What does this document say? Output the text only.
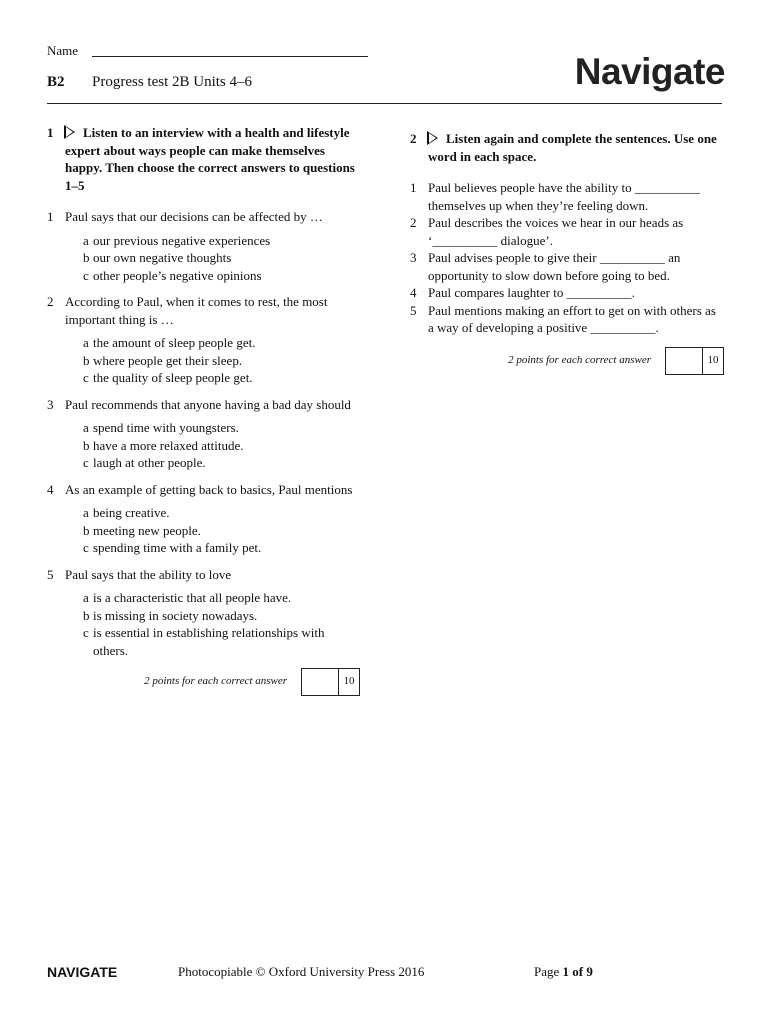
Name
B2 Progress test 2B Units 4–6	Navigate
1	Listen to an interview with a health and lifestyle expert about ways people can make themselves happy. Then choose the correct answers to questions 1–5
1 Paul says that our decisions can be affected by …
a our previous negative experiences
b our own negative thoughts
c other people’s negative opinions
2 According to Paul, when it comes to rest, the most important thing is …
a the amount of sleep people get.
b where people get their sleep.
c the quality of sleep people get.
3 Paul recommends that anyone having a bad day should
a spend time with youngsters.
b have a more relaxed attitude.
c laugh at other people.
4 As an example of getting back to basics, Paul mentions
a being creative.
b meeting new people.
c spending time with a family pet.
5 Paul says that the ability to love
a is a characteristic that all people have.
b is missing in society nowadays.
c is essential in establishing relationships with others.
2 points for each correct answer	10
2	Listen again and complete the sentences. Use one word in each space.
1 Paul believes people have the ability to __________ themselves up when they’re feeling down.
2 Paul describes the voices we hear in our heads as ‘__________ dialogue’.
3 Paul advises people to give their __________ an opportunity to slow down before going to bed.
4 Paul compares laughter to __________.
5 Paul mentions making an effort to get on with others as a way of developing a positive __________.
2 points for each correct answer	10
NAVIGATE	Photocopiable © Oxford University Press 2016	Page 1 of 9
